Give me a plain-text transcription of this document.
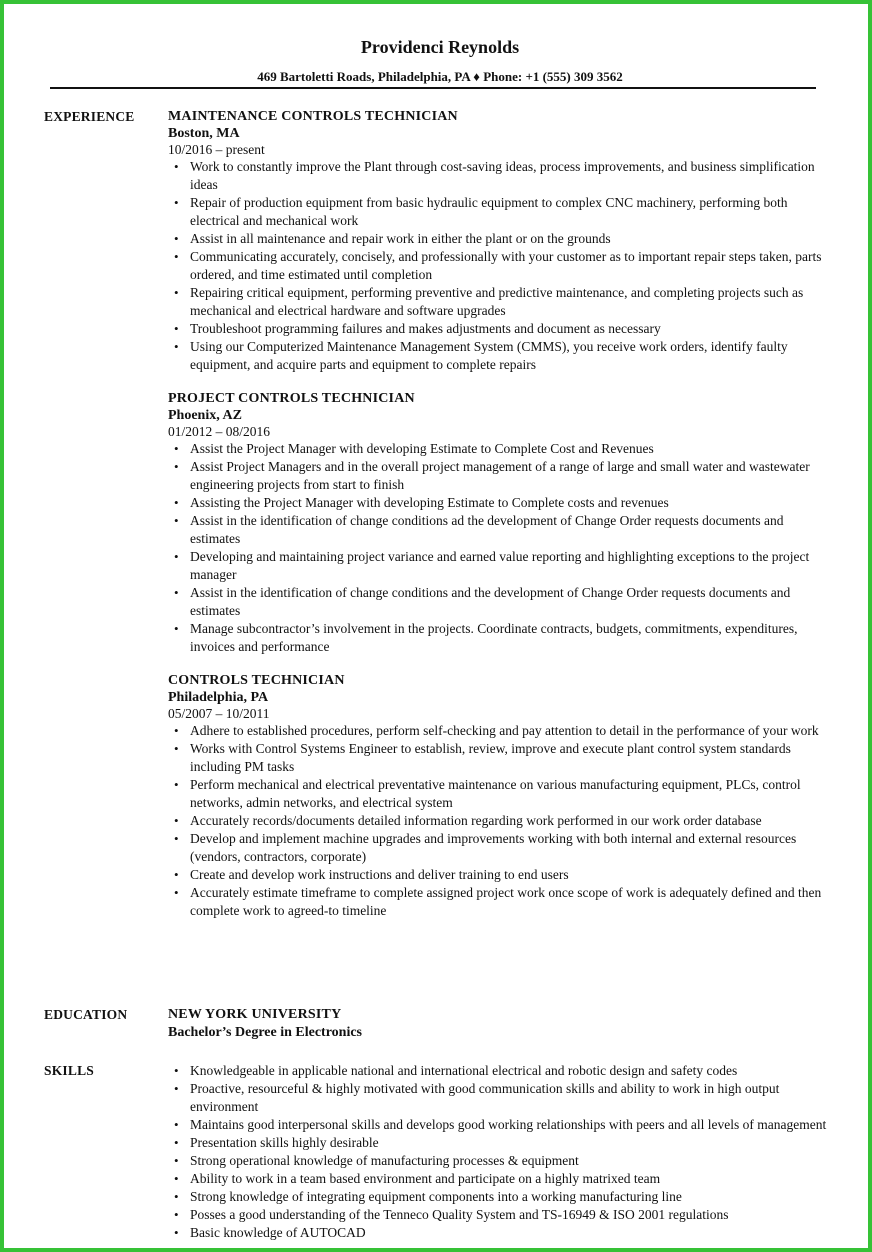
Providenci Reynolds
469 Bartoletti Roads, Philadelphia, PA ♦ Phone: +1 (555) 309 3562
EXPERIENCE MAINTENANCE CONTROLS TECHNICIAN
Boston, MA
10/2016 – present
• Work to constantly improve the Plant through cost-saving ideas, process improvements, and business simplification ideas
• Repair of production equipment from basic hydraulic equipment to complex CNC machinery, performing both electrical and mechanical work
• Assist in all maintenance and repair work in either the plant or on the grounds
• Communicating accurately, concisely, and professionally with your customer as to important repair steps taken, parts ordered, and time estimated until completion
• Repairing critical equipment, performing preventive and predictive maintenance, and completing projects such as mechanical and electrical hardware and software upgrades
• Troubleshoot programming failures and makes adjustments and document as necessary
• Using our Computerized Maintenance Management System (CMMS), you receive work orders, identify faulty equipment, and acquire parts and equipment to complete repairs
PROJECT CONTROLS TECHNICIAN
Phoenix, AZ
01/2012 – 08/2016
• Assist the Project Manager with developing Estimate to Complete Cost and Revenues
• Assist Project Managers and in the overall project management of a range of large and small water and wastewater engineering projects from start to finish
• Assisting the Project Manager with developing Estimate to Complete costs and revenues
• Assist in the identification of change conditions ad the development of Change Order requests documents and estimates
• Developing and maintaining project variance and earned value reporting and highlighting exceptions to the project manager
• Assist in the identification of change conditions and the development of Change Order requests documents and estimates
• Manage subcontractor’s involvement in the projects. Coordinate contracts, budgets, commitments, expenditures, invoices and performance
CONTROLS TECHNICIAN
Philadelphia, PA
05/2007 – 10/2011
• Adhere to established procedures, perform self-checking and pay attention to detail in the performance of your work
• Works with Control Systems Engineer to establish, review, improve and execute plant control system standards including PM tasks
• Perform mechanical and electrical preventative maintenance on various manufacturing equipment, PLCs, control networks, admin networks, and electrical system
• Accurately records/documents detailed information regarding work performed in our work order database
• Develop and implement machine upgrades and improvements working with both internal and external resources (vendors, contractors, corporate)
• Create and develop work instructions and deliver training to end users
• Accurately estimate timeframe to complete assigned project work once scope of work is adequately defined and then complete work to agreed-to timeline
EDUCATION	NEW YORK UNIVERSITY
Bachelor’s Degree in Electronics
SKILLS
•	Knowledgeable in applicable national and international electrical and robotic design and safety codes
• Proactive, resourceful & highly motivated with good communication skills and ability to work in high output environment
• Maintains good interpersonal skills and develops good working relationships with peers and all levels of management
• Presentation skills highly desirable
• Strong operational knowledge of manufacturing processes & equipment
• Ability to work in a team based environment and participate on a highly matrixed team
• Strong knowledge of integrating equipment components into a working manufacturing line
• Posses a good understanding of the Tenneco Quality System and TS-16949 & ISO 2001 regulations
• Basic knowledge of AUTOCAD
